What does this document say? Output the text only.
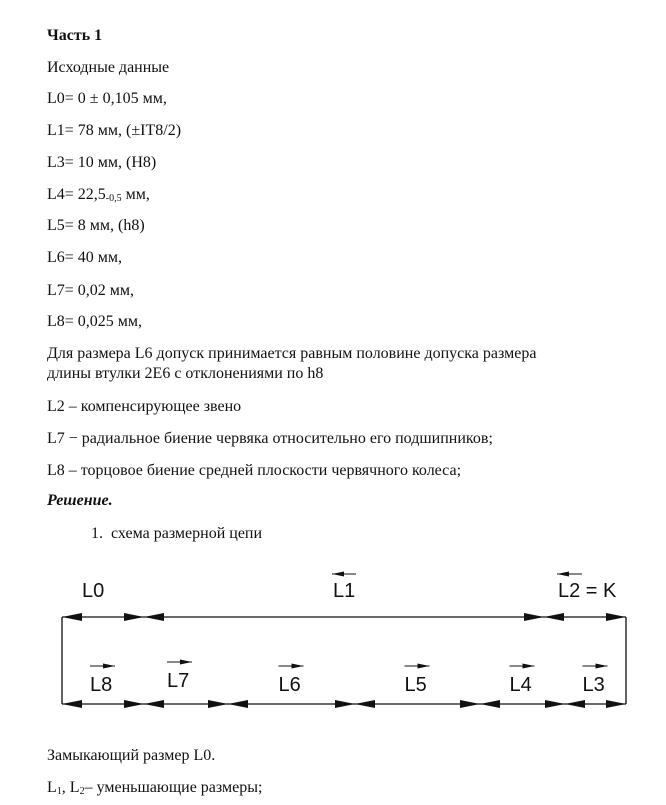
Часть 1
Исходные данные
L0= 0 ± 0,105 мм,
L1= 78 мм, (±IT8/2)
L3= 10 мм, (H8)
$L4= 22,5_{-0,5}$ мм,
L5= 8 мм, (h8)
L6= 40 мм,
L7= 0,02 мм,
L8= 0,025 мм,
Для размера L6 допуск принимается равным половине допуска размера
длины втулки 2Е6 с отклонениями по h8
L2 – компенсирующее звено
L7 − радиальное биение червяка относительно его подшипников;
L8 – торцовое биение средней плоскости червячного колеса;
Решение.
1. схема размерной цепи
L0	L1	L2 = K
L8	L7	L6	L5	L4	L3
Замыкающий размер L0.
$L_1$, $L_2-$ уменьшающие размеры;
